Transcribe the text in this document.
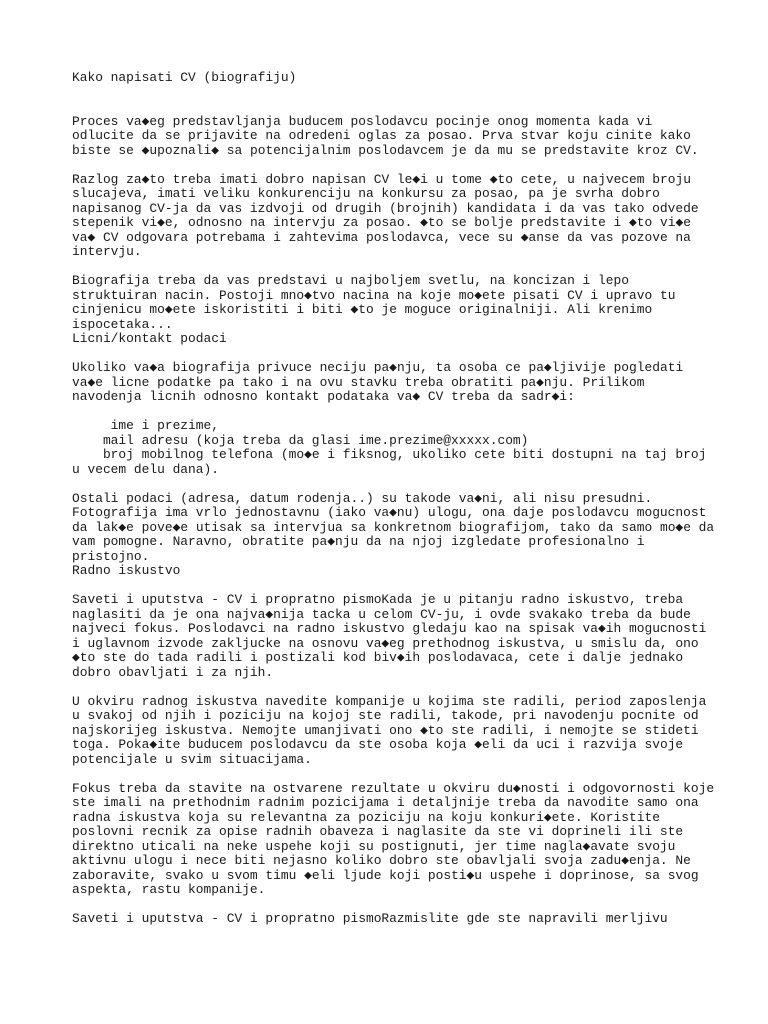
Kako napisati CV (biografiju)
Proces va◆eg predstavljanja buducem poslodavcu pocinje onog momenta kada vi
odlucite da se prijavite na odredeni oglas za posao. Prva stvar koju cinite kako
biste se ◆upoznali◆ sa potencijalnim poslodavcem je da mu se predstavite kroz CV.
Razlog za◆to treba imati dobro napisan CV le◆i u tome ◆to cete, u najvecem broju
slucajeva, imati veliku konkurenciju na konkursu za posao, pa je svrha dobro
napisanog CV-ja da vas izdvoji od drugih (brojnih) kandidata i da vas tako odvede
stepenik vi◆e, odnosno na intervju za posao. ◆to se bolje predstavite i ◆to vi◆e
va◆ CV odgovara potrebama i zahtevima poslodavca, vece su ◆anse da vas pozove na
intervju.
Biografija treba da vas predstavi u najboljem svetlu, na koncizan i lepo
struktuiran nacin. Postoji mno◆tvo nacina na koje mo◆ete pisati CV i upravo tu
cinjenicu mo◆ete iskoristiti i biti ◆to je moguce originalniji. Ali krenimo
ispocetaka...
Licni/kontakt podaci
Ukoliko va◆a biografija privuce neciju pa◆nju, ta osoba ce pa◆ljivije pogledati
va◆e licne podatke pa tako i na ovu stavku treba obratiti pa◆nju. Prilikom
navodenja licnih odnosno kontakt podataka va◆ CV treba da sadr◆i:
ime i prezime,
mail adresu (koja treba da glasi ime.prezime@xxxxx.com)
broj mobilnog telefona (mo◆e i fiksnog, ukoliko cete biti dostupni na taj broj
u vecem delu dana).
Ostali podaci (adresa, datum rodenja..) su takode va◆ni, ali nisu presudni.
Fotografija ima vrlo jednostavnu (iako va◆nu) ulogu, ona daje poslodavcu mogucnost
da lak◆e pove◆e utisak sa intervjua sa konkretnom biografijom, tako da samo mo◆e da
vam pomogne. Naravno, obratite pa◆nju da na njoj izgledate profesionalno i
pristojno.
Radno iskustvo
Saveti i uputstva - CV i propratno pismoKada je u pitanju radno iskustvo, treba
naglasiti da je ona najva◆nija tacka u celom CV-ju, i ovde svakako treba da bude
najveci fokus. Poslodavci na radno iskustvo gledaju kao na spisak va◆ih mogucnosti
i uglavnom izvode zakljucke na osnovu va◆eg prethodnog iskustva, u smislu da, ono
◆to ste do tada radili i postizali kod biv◆ih poslodavaca, cete i dalje jednako
dobro obavljati i za njih.
U okviru radnog iskustva navedite kompanije u kojima ste radili, period zaposlenja
u svakoj od njih i poziciju na kojoj ste radili, takode, pri navodenju pocnite od
najskorijeg iskustva. Nemojte umanjivati ono ◆to ste radili, i nemojte se stideti
toga. Poka◆ite buducem poslodavcu da ste osoba koja ◆eli da uci i razvija svoje
potencijale u svim situacijama.
Fokus treba da stavite na ostvarene rezultate u okviru du◆nosti i odgovornosti koje
ste imali na prethodnim radnim pozicijama i detaljnije treba da navodite samo ona
radna iskustva koja su relevantna za poziciju na koju konkuri◆ete. Koristite
poslovni recnik za opise radnih obaveza i naglasite da ste vi doprineli ili ste
direktno uticali na neke uspehe koji su postignuti, jer time nagla◆avate svoju
aktivnu ulogu i nece biti nejasno koliko dobro ste obavljali svoja zadu◆enja. Ne
zaboravite, svako u svom timu ◆eli ljude koji posti◆u uspehe i doprinose, sa svog
aspekta, rastu kompanije.
Saveti i uputstva - CV i propratno pismoRazmislite gde ste napravili merljivu
